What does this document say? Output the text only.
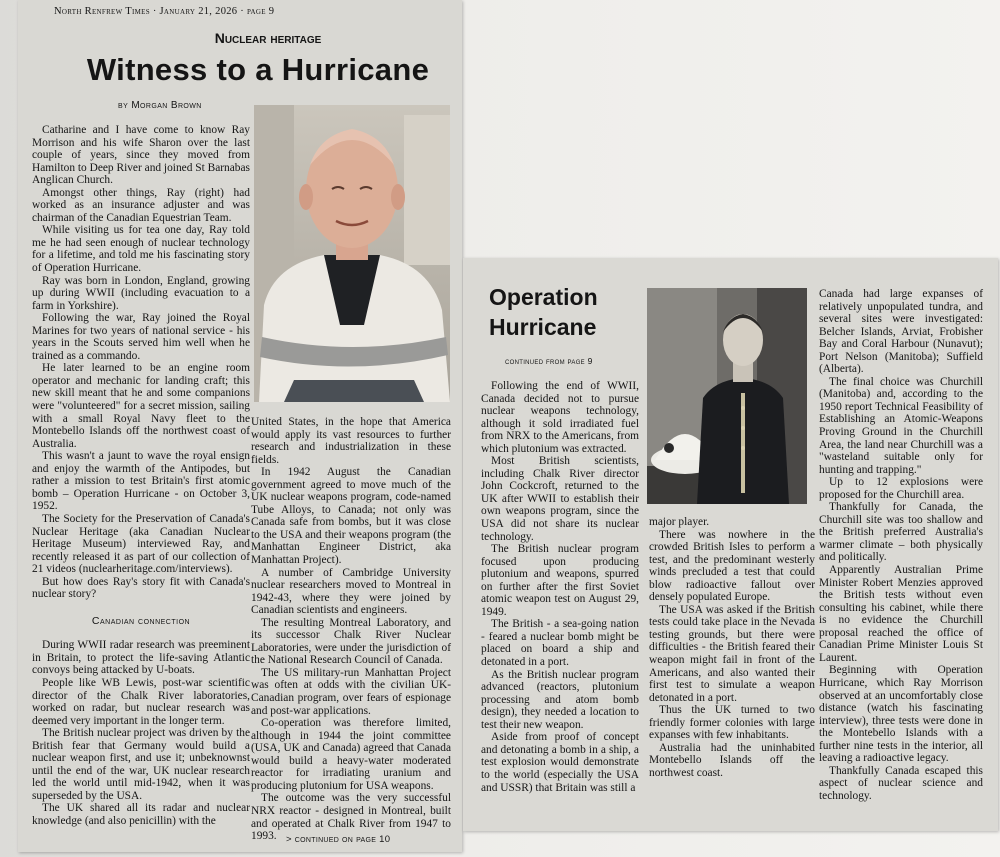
North Renfrew Times · January 21, 2026 · page 9
Nuclear heritage
Witness to a Hurricane
by Morgan Brown

Catharine and I have come to know Ray Morrison and his wife Sharon over the last couple of years, since they moved from Hamilton to Deep River and joined St Barnabas Anglican Church.

Amongst other things, Ray (right) had worked as an insurance adjuster and was chairman of the Canadian Equestrian Team.

While visiting us for tea one day, Ray told me he had seen enough of nuclear technology for a lifetime, and told me his fascinating story of Operation Hurricane.

Ray was born in London, England, growing up during WWII (including evacuation to a farm in Yorkshire).

Following the war, Ray joined the Royal Marines for two years of national service - his years in the Scouts served him well when he trained as a commando.

He later learned to be an engine room operator and mechanic for landing craft; this new skill meant that he and some companions were "volunteered" for a secret mission, sailing with a small Royal Navy fleet to the Montebello Islands off the northwest coast of Australia.

This wasn't a jaunt to wave the royal ensign and enjoy the warmth of the Antipodes, but rather a mission to test Britain's first atomic bomb – Operation Hurricane - on October 3, 1952.

The Society for the Preservation of Canada's Nuclear Heritage (aka Canadian Nuclear Heritage Museum) interviewed Ray, and recently released it as part of our collection of 21 videos (nuclearheritage.com/interviews).

But how does Ray's story fit with Canada's nuclear story?

Canadian connection

During WWII radar research was preeminent in Britain, to protect the life-saving Atlantic convoys being attacked by U-boats.

People like WB Lewis, post-war scientific director of the Chalk River laboratories, worked on radar, but nuclear research was deemed very important in the longer term.

The British nuclear project was driven by the British fear that Germany would build a nuclear weapon first, and use it; unbeknownst until the end of the war, UK nuclear research led the world until mid-1942, when it was superseded by the USA.

The UK shared all its radar and nuclear knowledge (and also penicillin) with the

United States, in the hope that America would apply its vast resources to further research and industrialization in these fields.

In 1942 August the Canadian government agreed to move much of the UK nuclear weapons program, code-named Tube Alloys, to Canada; not only was Canada safe from bombs, but it was close to the USA and their weapons program (the Manhattan Engineer District, aka Manhattan Project).

A number of Cambridge University nuclear researchers moved to Montreal in 1942-43, where they were joined by Canadian scientists and engineers.

The resulting Montreal Laboratory, and its successor Chalk River Nuclear Laboratories, were under the jurisdiction of the National Research Council of Canada.

The US military-run Manhattan Project was often at odds with the civilian UK-Canadian program, over fears of espionage and post-war applications.

Co-operation was therefore limited, although in 1944 the joint committee (USA, UK and Canada) agreed that Canada would build a heavy-water moderated reactor for irradiating uranium and producing plutonium for USA weapons.

The outcome was the very successful NRX reactor - designed in Montreal, built and operated at Chalk River from 1947 to 1993. > continued on page 10
Operation Hurricane
continued from page 9

Following the end of WWII, Canada decided not to pursue nuclear weapons technology, although it sold irradiated fuel from NRX to the Americans, from which plutonium was extracted.

Most British scientists, including Chalk River director John Cockcroft, returned to the UK after WWII to establish their own weapons program, since the USA did not share its nuclear technology.

The British nuclear program focused upon producing plutonium and weapons, spurred on further after the first Soviet atomic weapon test on August 29, 1949.

The British - a sea-going nation - feared a nuclear bomb might be placed on board a ship and detonated in a port.

As the British nuclear program advanced (reactors, plutonium processing and atom bomb design), they needed a location to test their new weapon.

Aside from proof of concept and detonating a bomb in a ship, a test explosion would demonstrate to the world (especially the USA and USSR) that Britain was still a

major player.

There was nowhere in the crowded British Isles to perform a test, and the predominant westerly winds precluded a test that could blow radioactive fallout over densely populated Europe.

The USA was asked if the British tests could take place in the Nevada testing grounds, but there were difficulties - the British feared their weapon might fail in front of the Americans, and also wanted their first test to simulate a weapon detonated in a port.

Thus the UK turned to two friendly former colonies with large expanses with few inhabitants.

Australia had the uninhabited Montebello Islands off the northwest coast.

Canada had large expanses of relatively unpopulated tundra, and several sites were investigated: Belcher Islands, Arviat, Frobisher Bay and Coral Harbour (Nunavut); Port Nelson (Manitoba); Suffield (Alberta).

The final choice was Churchill (Manitoba) and, according to the 1950 report Technical Feasibility of Establishing an Atomic-Weapons Proving Ground in the Churchill Area, the land near Churchill was a "wasteland suitable only for hunting and trapping."

Up to 12 explosions were proposed for the Churchill area.

Thankfully for Canada, the Churchill site was too shallow and the British preferred Australia's warmer climate – both physically and politically.

Apparently Australian Prime Minister Robert Menzies approved the British tests without even consulting his cabinet, while there is no evidence the Churchill proposal reached the office of Canadian Prime Minister Louis St Laurent.

Beginning with Operation Hurricane, which Ray Morrison observed at an uncomfortably close distance (watch his fascinating interview), three tests were done in the Montebello Islands with a further nine tests in the interior, all leaving a radioactive legacy.

Thankfully Canada escaped this aspect of nuclear science and technology.
